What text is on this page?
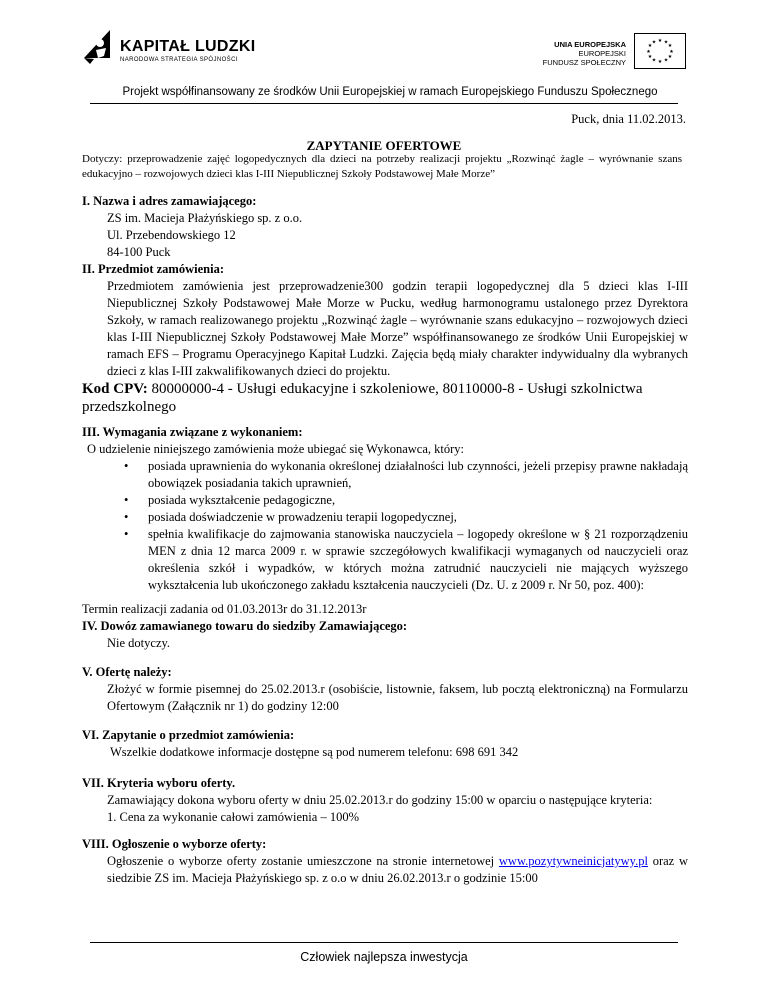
KAPITAŁ LUDZKI
NARODOWA STRATEGIA SPÓJNOŚCI
UNIA EUROPEJSKA
EUROPEJSKI
FUNDUSZ SPOŁECZNY
★ ★
★
★
★
★
★
★
★
★
★
★
Projekt współfinansowany ze środków Unii Europejskiej w ramach Europejskiego Funduszu Społecznego
Puck, dnia 11.02.2013.
ZAPYTANIE OFERTOWE
Dotyczy: przeprowadzenie zajęć logopedycznych dla dzieci na potrzeby realizacji projektu „Rozwinąć żagle – wyrównanie szans edukacyjno – rozwojowych dzieci klas I-III Niepublicznej Szkoły Podstawowej Małe Morze”
I. Nazwa i adres zamawiającego:
ZS im. Macieja Płażyńskiego sp. z o.o.
Ul. Przebendowskiego 12
84-100 Puck
II. Przedmiot zamówienia:
Przedmiotem zamówienia jest przeprowadzenie300 godzin terapii logopedycznej dla 5 dzieci klas I-III Niepublicznej Szkoły Podstawowej Małe Morze w Pucku, według harmonogramu ustalonego przez Dyrektora Szkoły, w ramach realizowanego projektu „Rozwinąć żagle – wyrównanie szans edukacyjno – rozwojowych dzieci klas I-III Niepublicznej Szkoły Podstawowej Małe Morze” współfinansowanego ze środków Unii Europejskiej w ramach EFS – Programu Operacyjnego Kapitał Ludzki. Zajęcia będą miały charakter indywidualny dla wybranych dzieci z klas I-III zakwalifikowanych dzieci do projektu.
Kod CPV: 80000000-4 - Usługi edukacyjne i szkoleniowe, 80110000-8 - Usługi szkolnictwa przedszkolnego
III. Wymagania związane z wykonaniem:
O udzielenie niniejszego zamówienia może ubiegać się Wykonawca, który:
• posiada uprawnienia do wykonania określonej działalności lub czynności, jeżeli przepisy prawne nakładają obowiązek posiadania takich uprawnień,
• posiada wykształcenie pedagogiczne,
• posiada doświadczenie w prowadzeniu terapii logopedycznej,
• spełnia kwalifikacje do zajmowania stanowiska nauczyciela – logopedy określone w § 21 rozporządzeniu MEN z dnia 12 marca 2009 r. w sprawie szczegółowych kwalifikacji wymaganych od nauczycieli oraz określenia szkół i wypadków, w których można zatrudnić nauczycieli nie mających wyższego wykształcenia lub ukończonego zakładu kształcenia nauczycieli (Dz. U. z 2009 r. Nr 50, poz. 400):
Termin realizacji zadania od 01.03.2013r do 31.12.2013r
IV. Dowóz zamawianego towaru do siedziby Zamawiającego:
Nie dotyczy.
V. Ofertę należy:
Złożyć w formie pisemnej do 25.02.2013.r (osobiście, listownie, faksem, lub pocztą elektroniczną) na Formularzu Ofertowym (Załącznik nr 1) do godziny 12:00
VI. Zapytanie o przedmiot zamówienia:
Wszelkie dodatkowe informacje dostępne są pod numerem telefonu: 698 691 342
VII. Kryteria wyboru oferty.
Zamawiający dokona wyboru oferty w dniu 25.02.2013.r do godziny 15:00 w oparciu o następujące kryteria:
1. Cena za wykonanie całowi zamówienia – 100%
VIII. Ogłoszenie o wyborze oferty:
Ogłoszenie o wyborze oferty zostanie umieszczone na stronie internetowej www.pozytywneinicjatywy.pl oraz w siedzibie ZS im. Macieja Płażyńskiego sp. z o.o w dniu 26.02.2013.r o godzinie 15:00
Człowiek najlepsza inwestycja
